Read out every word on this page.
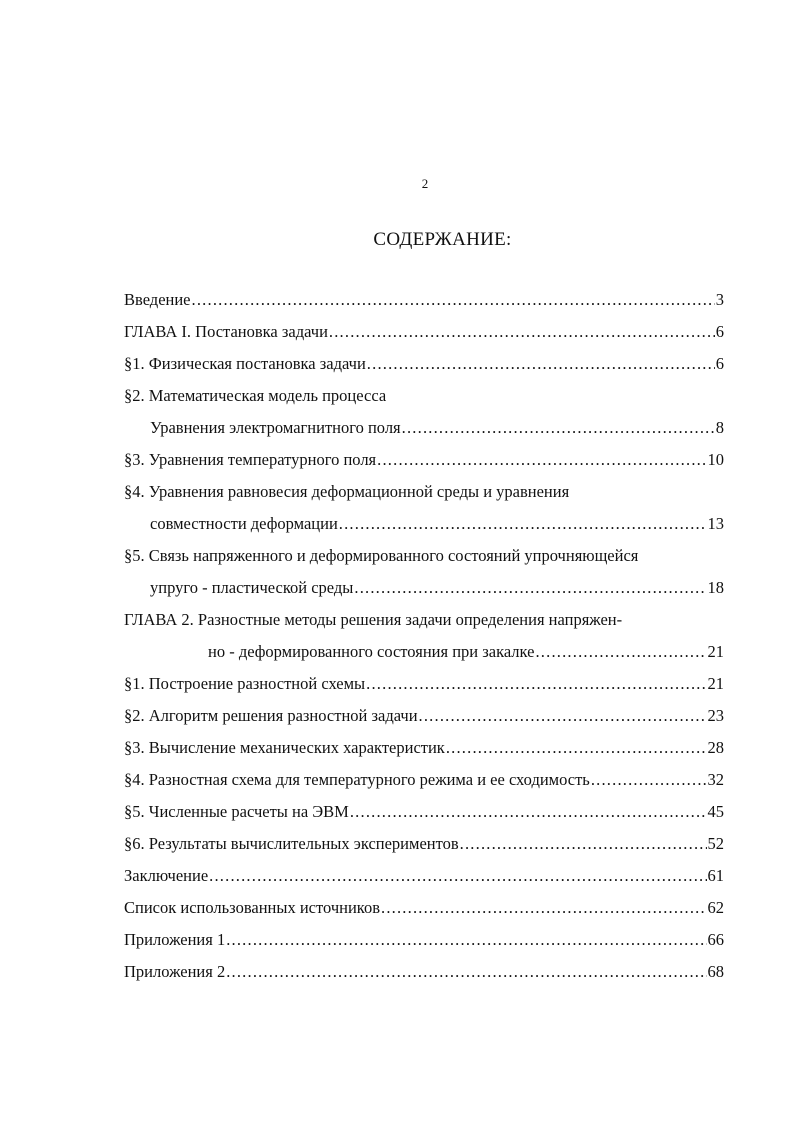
2
СОДЕРЖАНИЕ:
Введение .....	3
ГЛАВА I. Постановка задачи .....	6
§1. Физическая постановка задачи .....	6
§2. Математическая модель процесса
Уравнения электромагнитного поля .....	8
§3. Уравнения температурного поля .....	10
§4. Уравнения равновесия деформационной среды и уравнения
совместности деформации .....	13
§5. Связь напряженного и деформированного состояний упрочняющейся
упруго - пластической среды .....	18
ГЛАВА 2. Разностные методы решения задачи определения напряжен-
но - деформированного состояния при закалке .....	21
§1. Построение разностной схемы .....	21
§2. Алгоритм решения разностной задачи .....	23
§3. Вычисление механических характеристик .....	28
§4. Разностная схема для температурного режима и ее сходимость .....	32
§5. Численные расчеты на ЭВМ .....	45
§6. Результаты вычислительных экспериментов .....	52
Заключение .....	61
Список использованных источников .....	62
Приложения 1 .....	66
Приложения 2 .....	68
